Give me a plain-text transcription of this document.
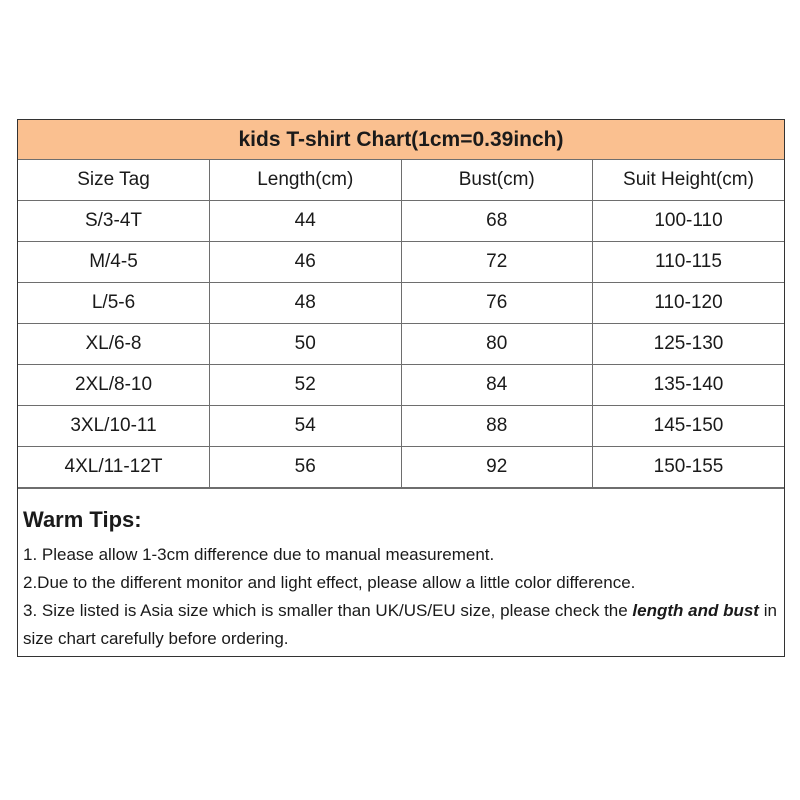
kids T-shirt Chart(1cm=0.39inch)			
Size Tag	Length(cm)	Bust(cm)	Suit Height(cm)
S/3-4T	44	68	100-110
M/4-5	46	72	110-115
L/5-6	48	76	110-120
XL/6-8	50	80	125-130
2XL/8-10	52	84	135-140
3XL/10-11	54	88	145-150
4XL/11-12T	56	92	150-155

Warm Tips:

1. Please allow 1-3cm difference due to manual measurement.

2.Due to the different monitor and light effect, please allow a little color difference.

3. Size listed is Asia size which is smaller than UK/US/EU size, please check the length and bust in size chart carefully before ordering.
